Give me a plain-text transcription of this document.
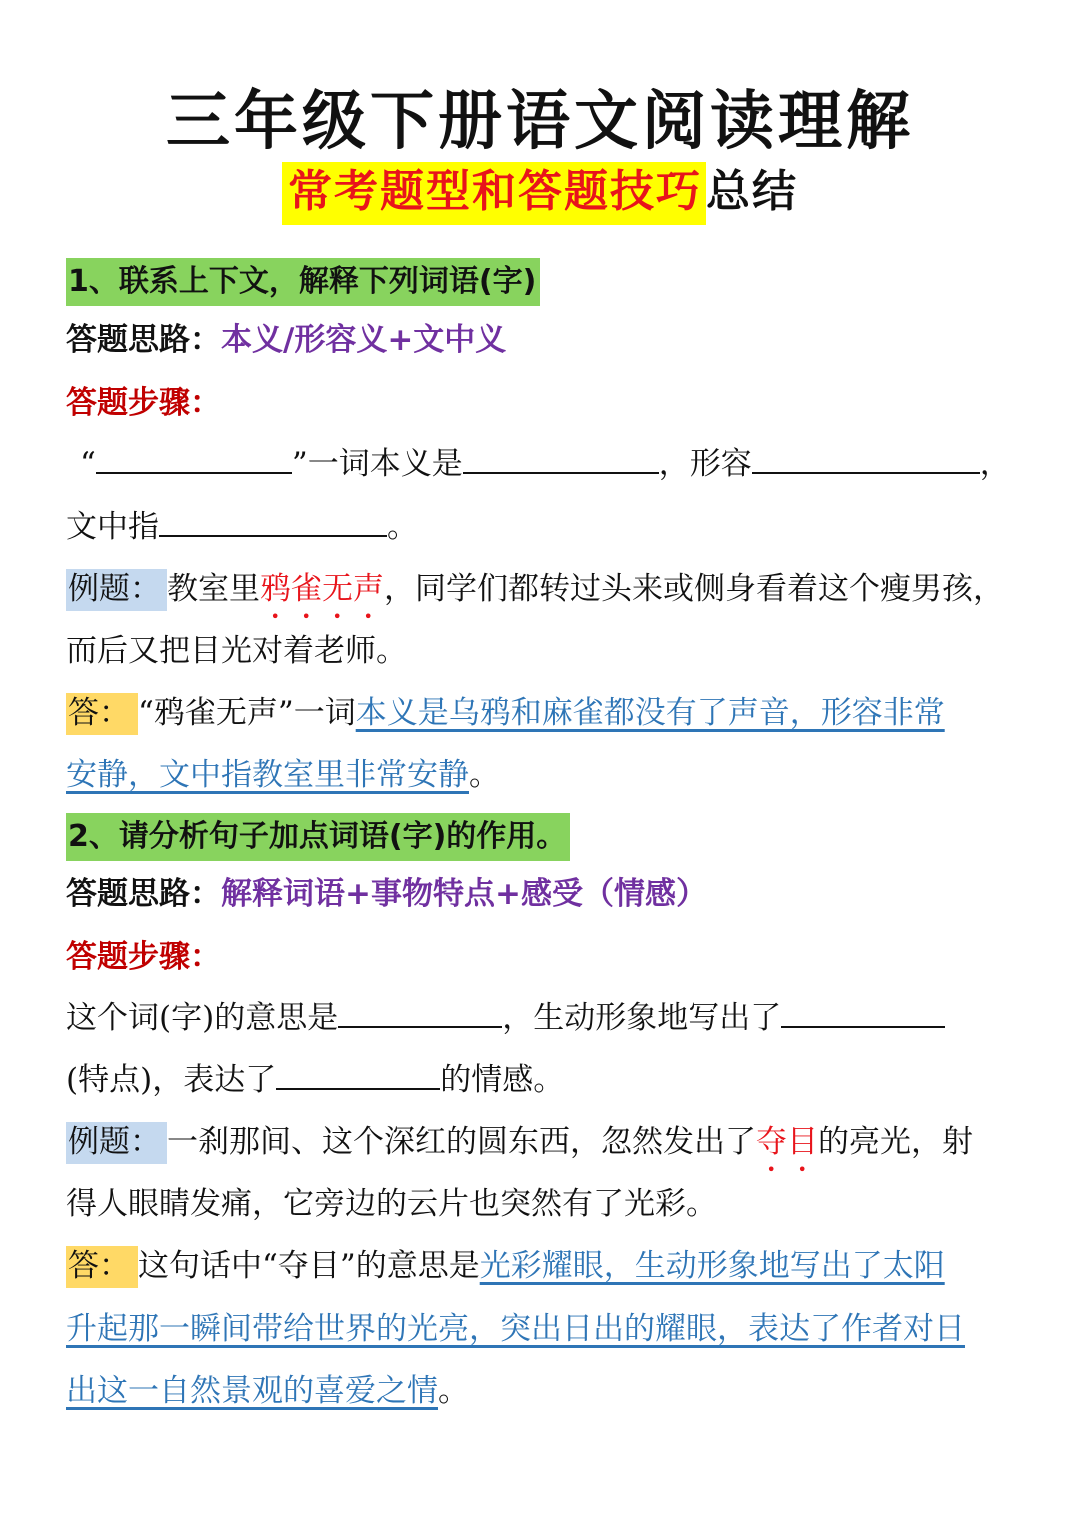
三年级下册语文阅读理解
常考题型和答题技巧总结
1、联系上下文，解释下列词语(字)
答题思路：本义/形容义+文中义
答题步骤：
“	”一词本义是	，形容	，
文中指	。
例题： 教室里鸦雀无声，同学们都转过头来或侧身看着这个瘦男孩，
而后又把目光对着老师。
答： “鸦雀无声”一词本义是乌鸦和麻雀都没有了声音，形容非常
安静，文中指教室里非常安静。
2、请分析句子加点词语(字)的作用。
答题思路：解释词语+事物特点+感受（情感）
答题步骤：
这个词(字)的意思是	，生动形象地写出了
(特点)，表达了	的情感。
例题： 一刹那间、这个深红的圆东西，忽然发出了夺目的亮光，射
得人眼睛发痛，它旁边的云片也突然有了光彩。
答： 这句话中“夺目”的意思是光彩耀眼，生动形象地写出了太阳
升起那一瞬间带给世界的光亮，突出日出的耀眼，表达了作者对日
出这一自然景观的喜爱之情。
